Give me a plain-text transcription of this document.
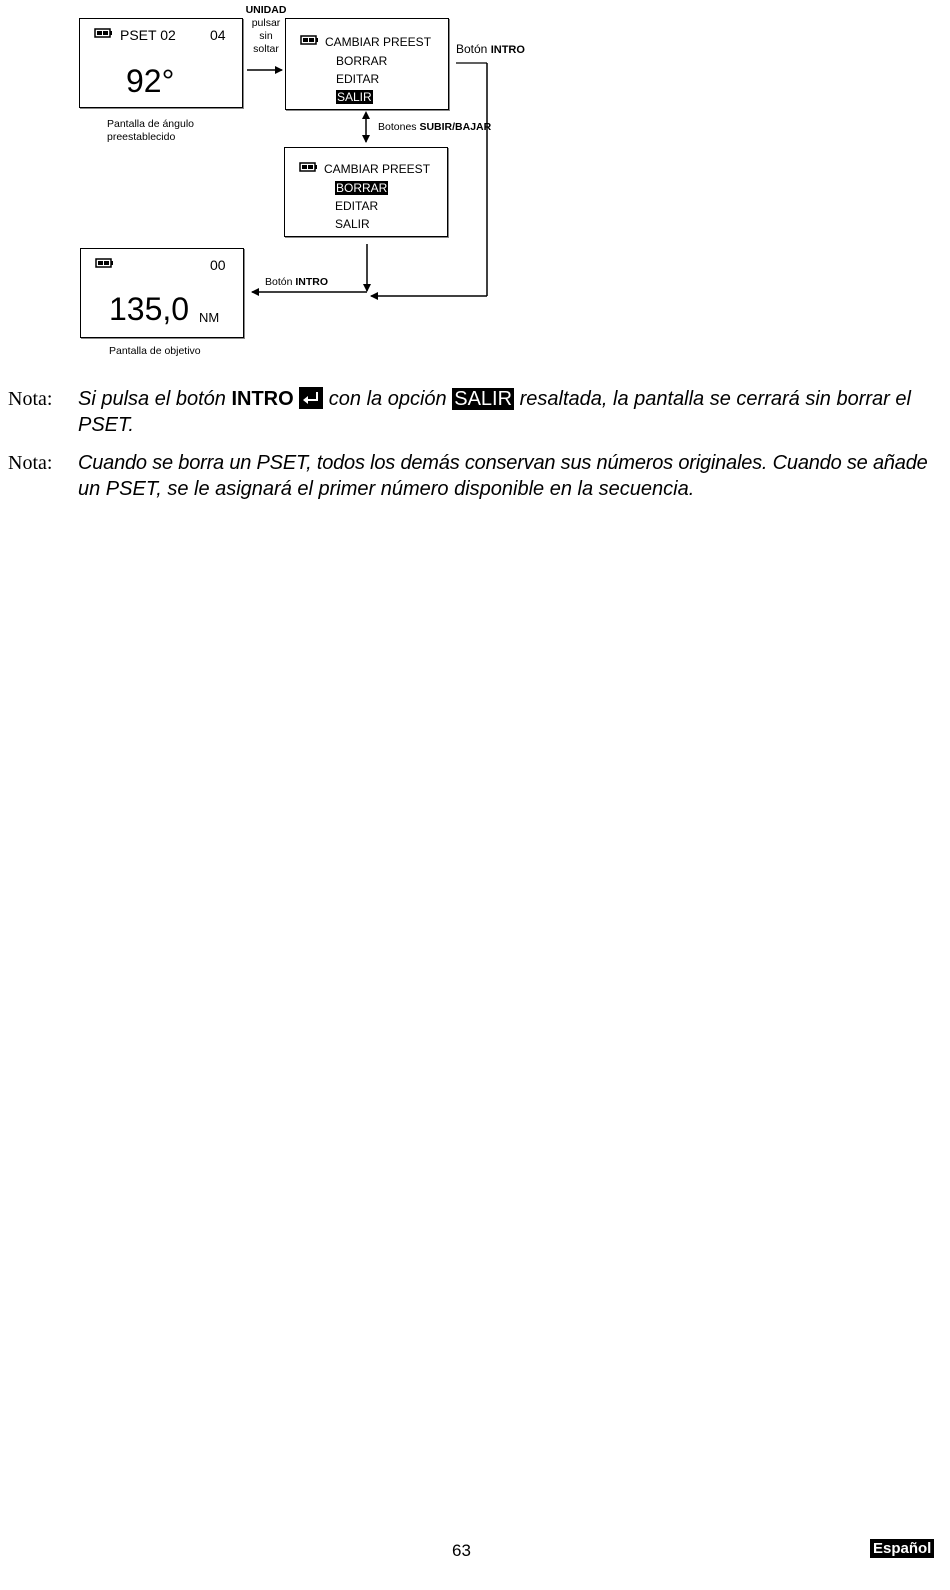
PSET 02 04
92°
Pantalla de ángulo preestablecido
UNIDAD
pulsar
sin
soltar	CAMBIAR PREEST
BORRAR
EDITAR
SALIR
Botón INTRO
Botones SUBIR/BAJAR
CAMBIAR PREEST
BORRAR
EDITAR
SALIR
00
135,0 NM
Pantalla de objetivo
Botón INTRO
Nota: Si pulsa el botón INTRO con la opción SALIR resaltada, la pantalla se cerrará sin borrar el PSET.
Nota: Cuando se borra un PSET, todos los demás conservan sus números originales. Cuando se añade
un PSET, se le asignará el primer número disponible en la secuencia.
63	Español
